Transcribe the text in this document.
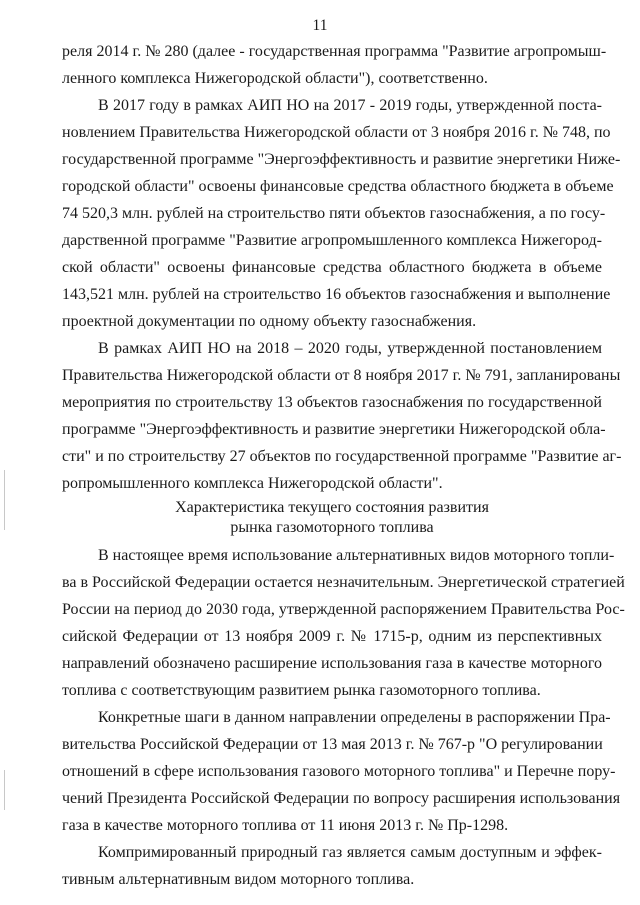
11
реля 2014 г. № 280 (далее - государственная программа "Развитие агропромыш-
ленного комплекса Нижегородской области"), соответственно.
В 2017 году в рамках АИП НО на 2017 - 2019 годы, утвержденной поста-
новлением Правительства Нижегородской области от 3 ноября 2016 г. № 748, по
государственной программе "Энергоэффективность и развитие энергетики Ниже-
городской области" освоены финансовые средства областного бюджета в объеме
74 520,3 млн. рублей на строительство пяти объектов газоснабжения, а по госу-
дарственной программе "Развитие агропромышленного комплекса Нижегород-
ской области" освоены финансовые средства областного бюджета в объеме
143,521 млн. рублей на строительство 16 объектов газоснабжения и выполнение
проектной документации по одному объекту газоснабжения.
В рамках АИП НО на 2018 – 2020 годы, утвержденной постановлением
Правительства Нижегородской области от 8 ноября 2017 г. № 791, запланированы
мероприятия по строительству 13 объектов газоснабжения по государственной
программе "Энергоэффективность и развитие энергетики Нижегородской обла-
сти" и по строительству 27 объектов по государственной программе "Развитие аг-
ропромышленного комплекса Нижегородской области".
Характеристика текущего состояния развития
рынка газомоторного топлива
В настоящее время использование альтернативных видов моторного топли-
ва в Российской Федерации остается незначительным. Энергетической стратегией
России на период до 2030 года, утвержденной распоряжением Правительства Рос-
сийской Федерации от 13 ноября 2009 г. № 1715-р, одним из перспективных
направлений обозначено расширение использования газа в качестве моторного
топлива с соответствующим развитием рынка газомоторного топлива.
Конкретные шаги в данном направлении определены в распоряжении Пра-
вительства Российской Федерации от 13 мая 2013 г. № 767-р "О регулировании
отношений в сфере использования газового моторного топлива" и Перечне пору-
чений Президента Российской Федерации по вопросу расширения использования
газа в качестве моторного топлива от 11 июня 2013 г. № Пр-1298.
Компримированный природный газ является самым доступным и эффек-
тивным альтернативным видом моторного топлива.
